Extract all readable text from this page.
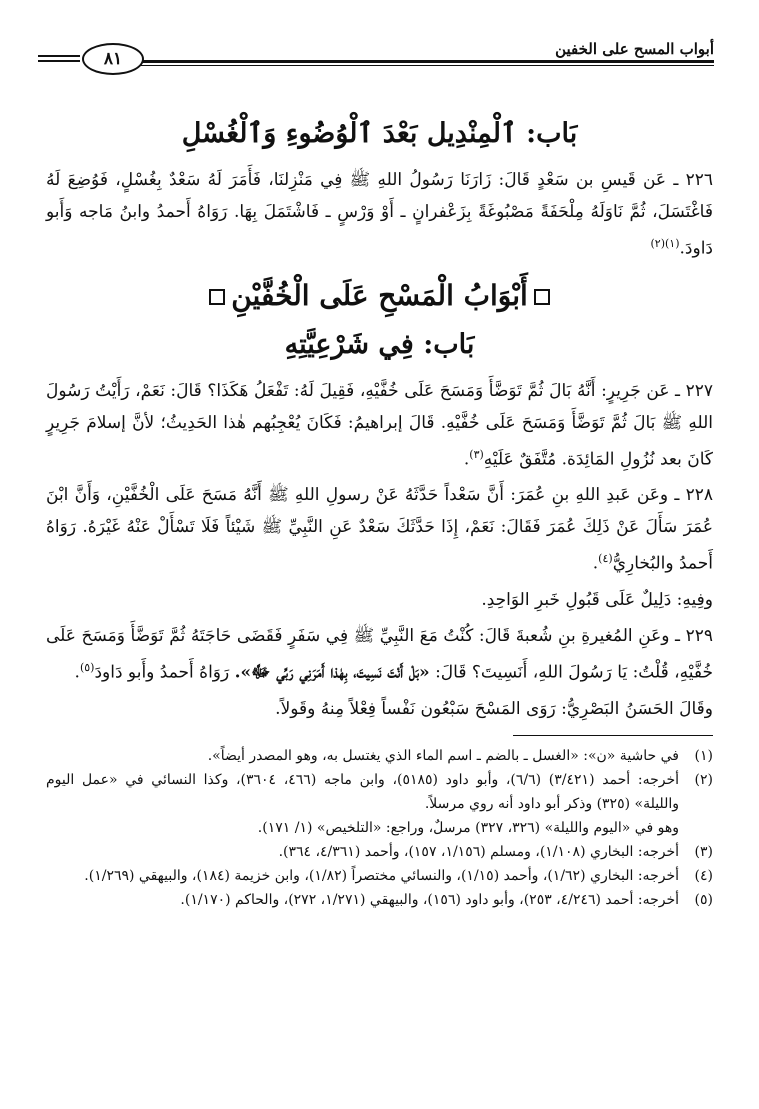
أبواب المسح على الخفين
٨١
بَاب: ٱلْمِنْدِيل بَعْدَ ٱلْوُضُوءِ وَٱلْغُسْلِ

٢٢٦ ـ عَن قَيسِ بن سَعْدٍ قَالَ: زَارَنَا رَسُولُ اللهِ ﷺ فِي مَنْزِلنَا، فَأَمَرَ لَهُ سَعْدٌ بِغُسْلٍ، فَوُضِعَ لَهُ فَاغْتَسَلَ، ثُمَّ نَاوَلَهُ مِلْحَفَةً مَصْبُوغَةً بِزَعْفرانٍ ـ أَوْ وَرْسٍ ـ فَاشْتَمَلَ بِهَا. رَوَاهُ أَحمدُ وابنُ مَاجه وَأَبو دَاودَ.$^{(١)(٢)}$

أَبْوَابُ الْمَسْحِ عَلَى الْخُفَّيْنِ
بَاب: فِي شَرْعِيَّتِهِ

٢٢٧ ـ عَن جَرِيرٍ: أَنَّهُ بَالَ ثُمَّ تَوَضَّأَ وَمَسَحَ عَلَى خُفَّيْهِ، فَقِيلَ لَهُ: تَفْعَلُ هَكَذَا؟ قَالَ: نَعَمْ، رَأَيْتُ رَسُولَ اللهِ ﷺ بَالَ ثُمَّ تَوَضَّأَ وَمَسَحَ عَلَى خُفَّيْهِ. قَالَ إبراهيمُ: فَكَانَ يُعْجِبُهم هٰذا الحَدِيثُ؛ لأنَّ إسلامَ جَرِيرٍ كَانَ بعد نُزُولِ المَائِدَة. مُتَّفَقٌ عَلَيْهِ$^{(٣)}$.

٢٢٨ ـ وعَن عَبدِ اللهِ بنِ عُمَرَ: أَنَّ سَعْداً حَدَّثَهُ عَنْ رسولِ اللهِ ﷺ أَنَّهُ مَسَحَ عَلَى الْخُفَّيْنِ، وَأَنَّ ابْنَ عُمَرَ سَأَلَ عَنْ ذَلِكَ عُمَرَ فَقَالَ: نَعَمْ، إِذَا حَدَّثَكَ سَعْدٌ عَنِ النَّبِيِّ ﷺ شَيْئاً فَلَا تَسْأَلْ عَنْهُ غَيْرَهُ. رَوَاهُ أَحمدُ والبُخارِيُّ$^{(٤)}$.

وفِيهِ: دَلِيلٌ عَلَى قَبُولِ خَبرِ الوَاحِدِ.

٢٢٩ ـ وعَنِ المُغيرةِ بنِ شُعبةَ قَالَ: كُنْتُ مَعَ النَّبِيِّ ﷺ فِي سَفَرٍ فَقَضَى حَاجَتَهُ ثُمَّ تَوَضَّأَ وَمَسَحَ عَلَى خُفَّيْهِ، قُلْتُ: يَا رَسُولَ اللهِ، أَنَسِيتَ؟ قَالَ: «بَلْ أَنْتَ نَسِيتَ، بِهٰذا أَمَرَنِي رَبِّي ﷻ». رَوَاهُ أَحمدُ وأَبو دَاودَ$^{(٥)}$.

وقَالَ الحَسَنُ البَصْرِيُّ: رَوَى المَسْحَ سَبْعُون نَفْساً فِعْلاً مِنهُ وقَولاً.

(١)
في حاشية «ن»: «الغسل ـ بالضم ـ اسم الماء الذي يغتسل به، وهو المصدر أيضاً».
(٢)
أخرجه: أحمد (٣/٤٢١) (٦/٦)، وأبو داود (٥١٨٥)، وابن ماجه (٤٦٦، ٣٦٠٤)، وكذا النسائي في «عمل اليوم والليلة» (٣٢٥) وذكر أبو داود أنه روي مرسلاً.
وهو في «اليوم والليلة» (٣٢٦، ٣٢٧) مرسلٌ، وراجع: «التلخيص» (١/ ١٧١).
(٣)
أخرجه: البخاري (١/١٠٨)، ومسلم (١/١٥٦، ١٥٧)، وأحمد (٤/٣٦١، ٣٦٤).
(٤)
أخرجه: البخاري (١/٦٢)، وأحمد (١/١٥)، والنسائي مختصراً (١/٨٢)، وابن خزيمة (١٨٤)، والبيهقي (١/٢٦٩).
(٥)
أخرجه: أحمد (٤/٢٤٦، ٢٥٣)، وأبو داود (١٥٦)، والبيهقي (١/٢٧١، ٢٧٢)، والحاكم (١/١٧٠).
